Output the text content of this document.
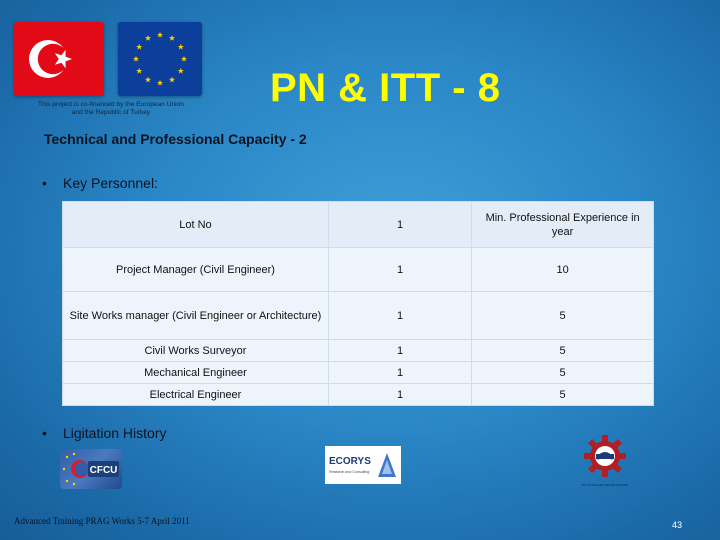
This project is co-financed by the European Union
and the Republic of Turkey
PN & ITT - 8
Technical and Professional Capacity - 2
• Key Personnel:
Lot No	1	Min. Professional Experience in year
Project Manager (Civil Engineer)	1	10
Site Works manager (Civil Engineer or Architecture)	1	5
Civil Works Surveyor	1	5
Mechanical Engineer	1	5
Electrical Engineer	1	5
• Ligitation History
CFCU
ECORYS
Research and Consulting
DPT PLANLAMA TEKNİK DESTEK
Advanced Training PRAG Works 5-7 April 2011	43
